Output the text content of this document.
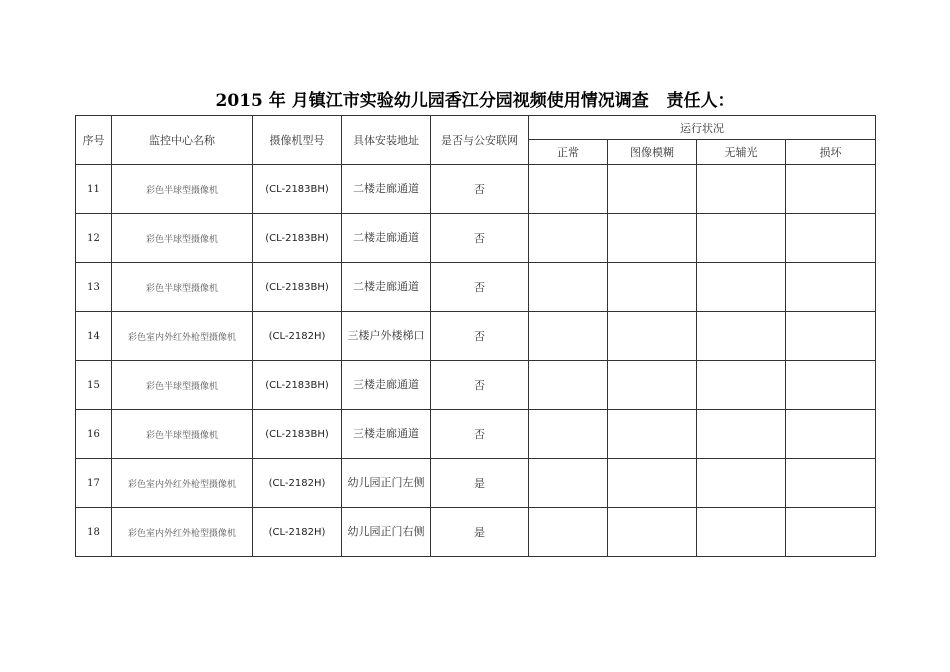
2015 年 月镇江市实验幼儿园香江分园视频使用情况调查   责任人：
序号	监控中心名称	摄像机型号	具体安装地址	是否与公安联网	运行状况			
					正常	图像模糊	无辅光	损坏
11	彩色半球型摄像机	(CL-2183BH)	二楼走廊通道	否				
12	彩色半球型摄像机	(CL-2183BH)	二楼走廊通道	否				
13	彩色半球型摄像机	(CL-2183BH)	二楼走廊通道	否				
14	彩色室内外红外枪型摄像机	(CL-2182H)	三楼户外楼梯口	否				
15	彩色半球型摄像机	(CL-2183BH)	三楼走廊通道	否				
16	彩色半球型摄像机	(CL-2183BH)	三楼走廊通道	否				
17	彩色室内外红外枪型摄像机	(CL-2182H)	幼儿园正门左侧	是				
18	彩色室内外红外枪型摄像机	(CL-2182H)	幼儿园正门右侧	是				
